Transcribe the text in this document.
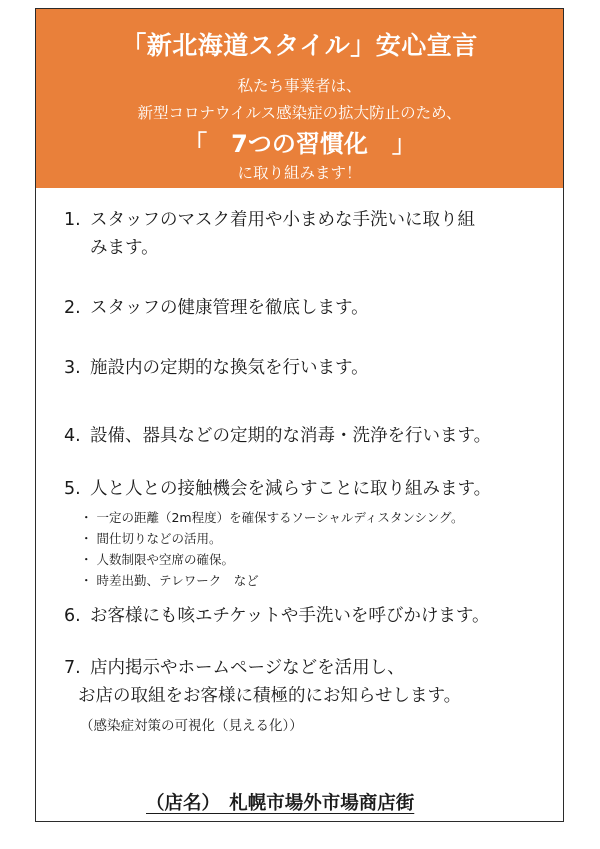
「新北海道スタイル」安心宣言
私たち事業者は、
新型コロナウイルス感染症の拡大防止のため、
「　7つの習慣化　」
に取り組みます！
1. スタッフのマスク着用や小まめな手洗いに取り組
みます。
2. スタッフの健康管理を徹底します。
3. 施設内の定期的な換気を行います。
4. 設備、器具などの定期的な消毒・洗浄を行います。
5. 人と人との接触機会を減らすことに取り組みます。
・ 一定の距離（2m程度）を確保するソーシャルディスタンシング。
・ 間仕切りなどの活用。
・ 人数制限や空席の確保。
・ 時差出勤、テレワーク　など
6. お客様にも咳エチケットや手洗いを呼びかけます。
7. 店内掲示やホームページなどを活用し、
お店の取組をお客様に積極的にお知らせします。
（感染症対策の可視化（見える化））
（店名）　札幌市場外市場商店街
